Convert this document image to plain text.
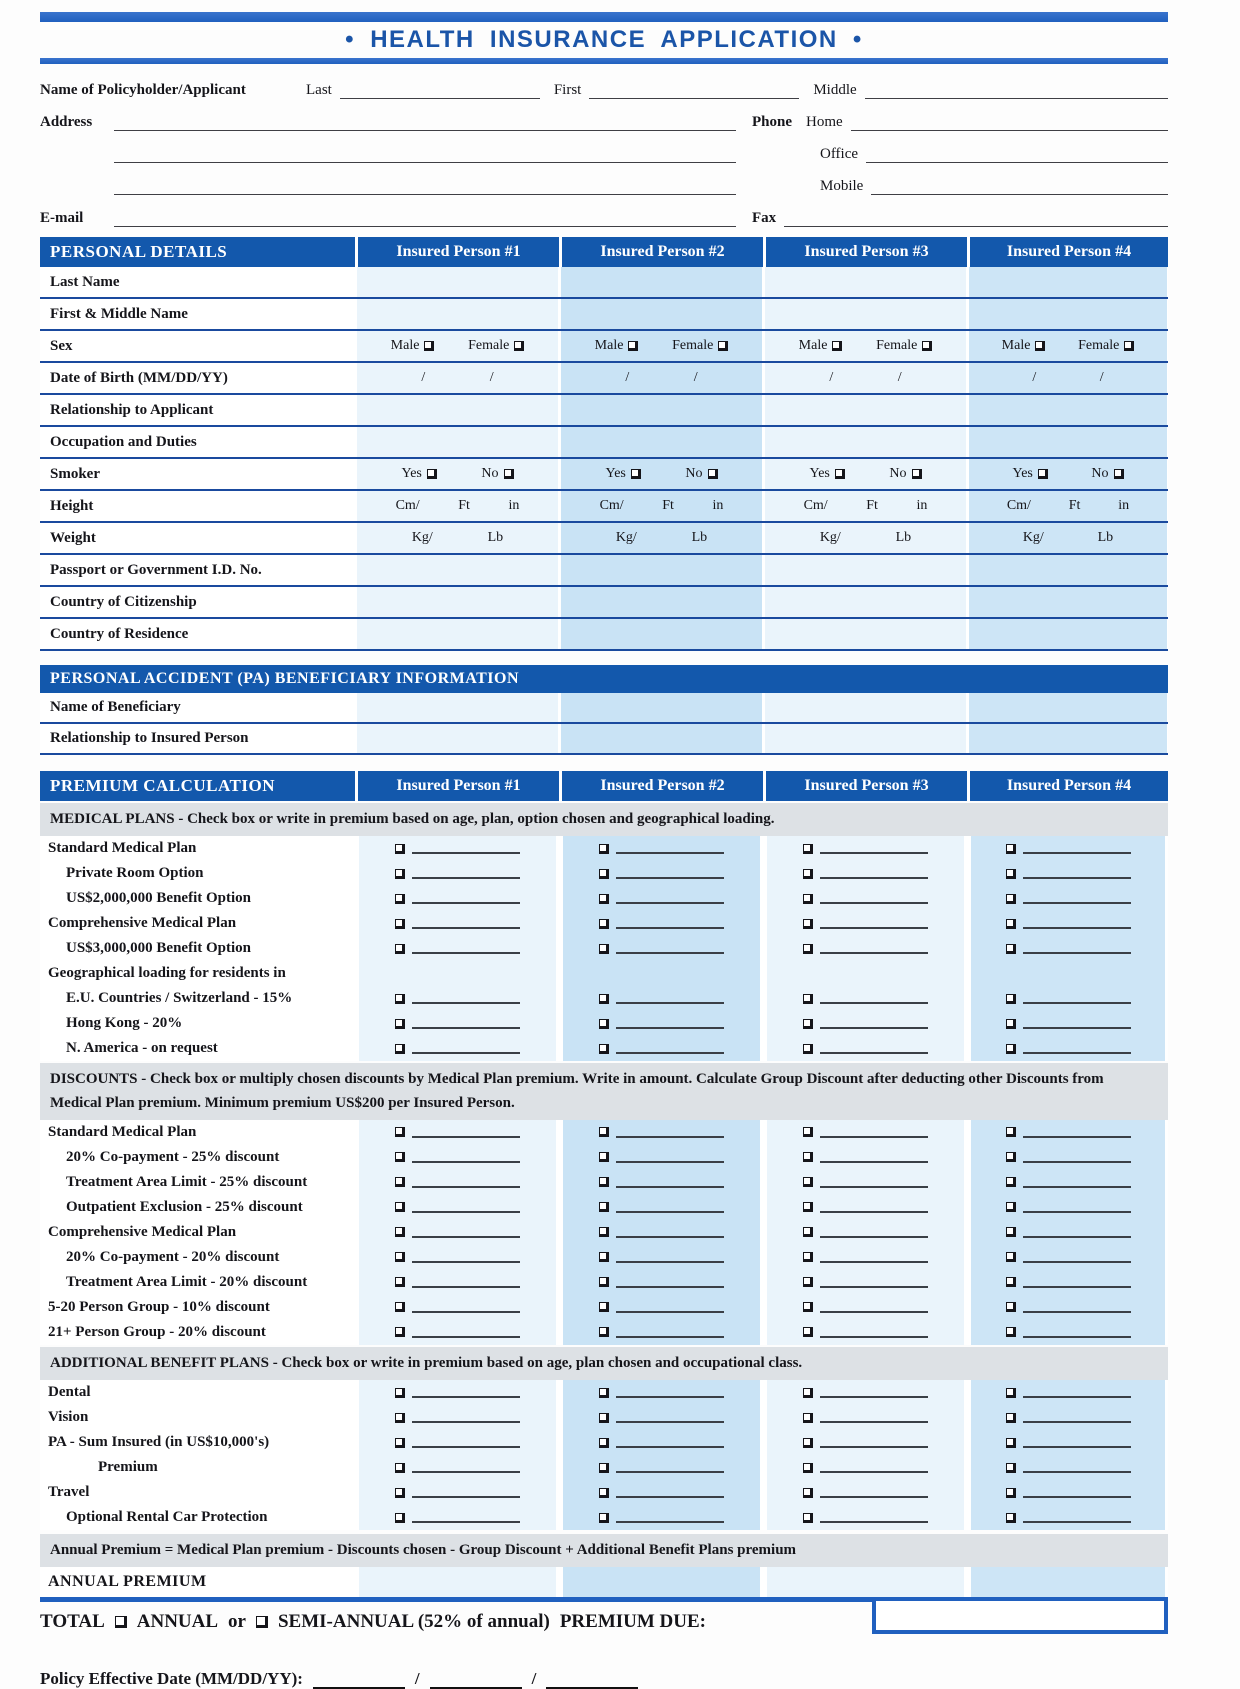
• HEALTH INSURANCE APPLICATION •
Name of Policyholder/Applicant	Last	First	Middle
Address	Phone Home
Office
Mobile
E-mail	Fax
PERSONAL DETAILS	Insured Person #1	Insured Person #2	Insured Person #3	Insured Person #4
Last Name
First & Middle Name
Sex	Male	Female	Male	Female	Male	Female	Male	Female
Date of Birth (MM/DD/YY)	/	/	/	/	/	/	/	/
Relationship to Applicant
Occupation and Duties
Smoker	Yes	No	Yes	No	Yes	No	Yes	No
Height	Cm/	Ft	in	Cm/	Ft	in	Cm/	Ft	in	Cm/	Ft	in
Weight	Kg/	Lb	Kg/	Lb	Kg/	Lb	Kg/	Lb
Passport or Government I.D. No.
Country of Citizenship
Country of Residence
PERSONAL ACCIDENT (PA) BENEFICIARY INFORMATION
Name of Beneficiary
Relationship to Insured Person
PREMIUM CALCULATION	Insured Person #1	Insured Person #2	Insured Person #3	Insured Person #4
MEDICAL PLANS - Check box or write in premium based on age, plan, option chosen and geographical loading.
Standard Medical Plan
Private Room Option
US$2,000,000 Benefit Option
Comprehensive Medical Plan
US$3,000,000 Benefit Option
Geographical loading for residents in
E.U. Countries / Switzerland - 15%
Hong Kong - 20%
N. America - on request
DISCOUNTS - Check box or multiply chosen discounts by Medical Plan premium. Write in amount. Calculate Group Discount after deducting other Discounts from Medical Plan premium. Minimum premium US$200 per Insured Person.
Standard Medical Plan
20% Co-payment - 25% discount
Treatment Area Limit - 25% discount
Outpatient Exclusion - 25% discount
Comprehensive Medical Plan
20% Co-payment - 20% discount
Treatment Area Limit - 20% discount
5-20 Person Group - 10% discount
21+ Person Group - 20% discount
ADDITIONAL BENEFIT PLANS - Check box or write in premium based on age, plan chosen and occupational class.
Dental
Vision
PA - Sum Insured (in US$10,000's)
Premium
Travel
Optional Rental Car Protection
Annual Premium = Medical Plan premium - Discounts chosen - Group Discount + Additional Benefit Plans premium
ANNUAL PREMIUM
TOTAL ANNUAL or SEMI-ANNUAL (52% of annual) PREMIUM DUE:
Policy Effective Date (MM/DD/YY):	/	/
